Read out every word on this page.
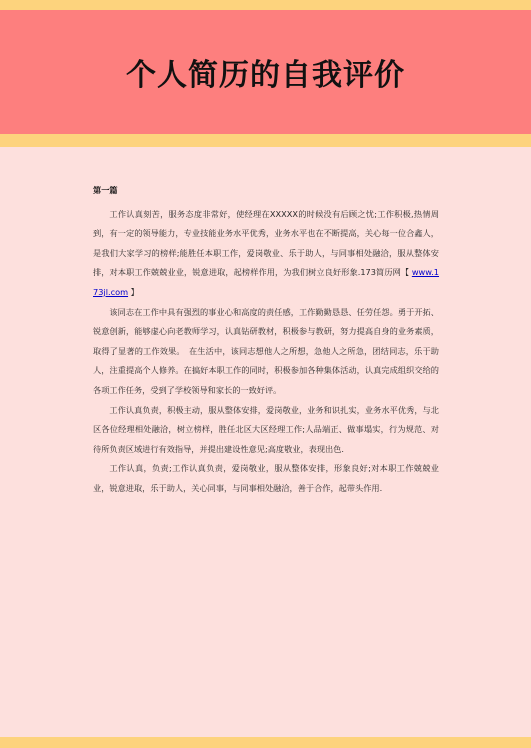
个人简历的自我评价
第一篇

工作认真刻苦，服务态度非常好，使经理在XXXXX的时候没有后顾之忧;工作积极,热情周到，有一定的领导能力，专业技能业务水平优秀，业务水平也在不断提高，关心每一位合鑫人，是我们大家学习的榜样;能胜任本职工作，爱岗敬业、乐于助人，与同事相处融洽，服从整体安排，对本职工作兢兢业业，锐意进取，起榜样作用，为我们树立良好形象.173简历网【 www.173jl.com 】

该同志在工作中具有强烈的事业心和高度的责任感，工作勤勤恳恳、任劳任怨。勇于开拓、锐意创新，能够虚心向老教师学习，认真钻研教材，积极参与教研，努力提高自身的业务素质，取得了显著的工作效果。　在生活中，该同志想他人之所想，急他人之所急，团结同志，乐于助人，注重提高个人修养。在搞好本职工作的同时，积极参加各种集体活动，认真完成组织交给的各项工作任务，受到了学校领导和家长的一致好评。

工作认真负责，积极主动，服从整体安排，爱岗敬业，业务和识扎实，业务水平优秀，与北区各位经理相处融洽，树立榜样，胜任北区大区经理工作;人品端正、做事塌实，行为规范、对待所负责区域进行有效指导，并提出建设性意见;高度敬业，表现出色.

工作认真，负责;工作认真负责，爱岗敬业，服从整体安排，形象良好;对本职工作兢兢业业，锐意进取，乐于助人，关心同事，与同事相处融洽，善于合作，起带头作用.
